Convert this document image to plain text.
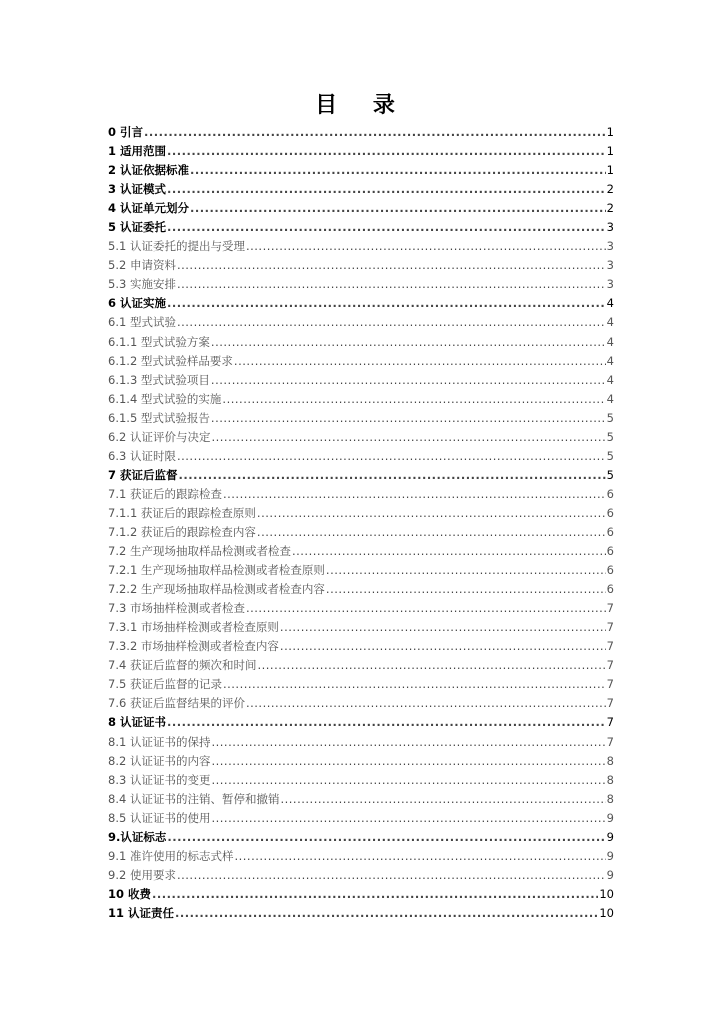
目 录
0 引言 .....	1
1 适用范围 .....	1
2 认证依据标准 .....	1
3 认证模式 .....	2
4 认证单元划分 .....	2
5 认证委托 .....	3
5.1 认证委托的提出与受理 .....	3
5.2 申请资料 .....	3
5.3 实施安排 .....	3
6 认证实施 .....	4
6.1 型式试验 .....	4
6.1.1 型式试验方案 .....	4
6.1.2 型式试验样品要求 .....	4
6.1.3 型式试验项目 .....	4
6.1.4 型式试验的实施 .....	4
6.1.5 型式试验报告 .....	5
6.2 认证评价与决定 .....	5
6.3 认证时限 .....	5
7 获证后监督 .....	5
7.1 获证后的跟踪检查 .....	6
7.1.1 获证后的跟踪检查原则 .....	6
7.1.2 获证后的跟踪检查内容 .....	6
7.2 生产现场抽取样品检测或者检查 .....	6
7.2.1 生产现场抽取样品检测或者检查原则 .....	6
7.2.2 生产现场抽取样品检测或者检查内容 .....	6
7.3 市场抽样检测或者检查 .....	7
7.3.1 市场抽样检测或者检查原则 .....	7
7.3.2 市场抽样检测或者检查内容 .....	7
7.4 获证后监督的频次和时间 .....	7
7.5 获证后监督的记录 .....	7
7.6 获证后监督结果的评价 .....	7
8 认证证书 .....	7
8.1 认证证书的保持 .....	7
8.2 认证证书的内容 .....	8
8.3 认证证书的变更 .....	8
8.4 认证证书的注销、暂停和撤销 .....	8
8.5 认证证书的使用 .....	9
9.认证标志 .....	9
9.1 准许使用的标志式样 .....	9
9.2 使用要求 .....	9
10 收费 .....	10
11 认证责任 .....	10
